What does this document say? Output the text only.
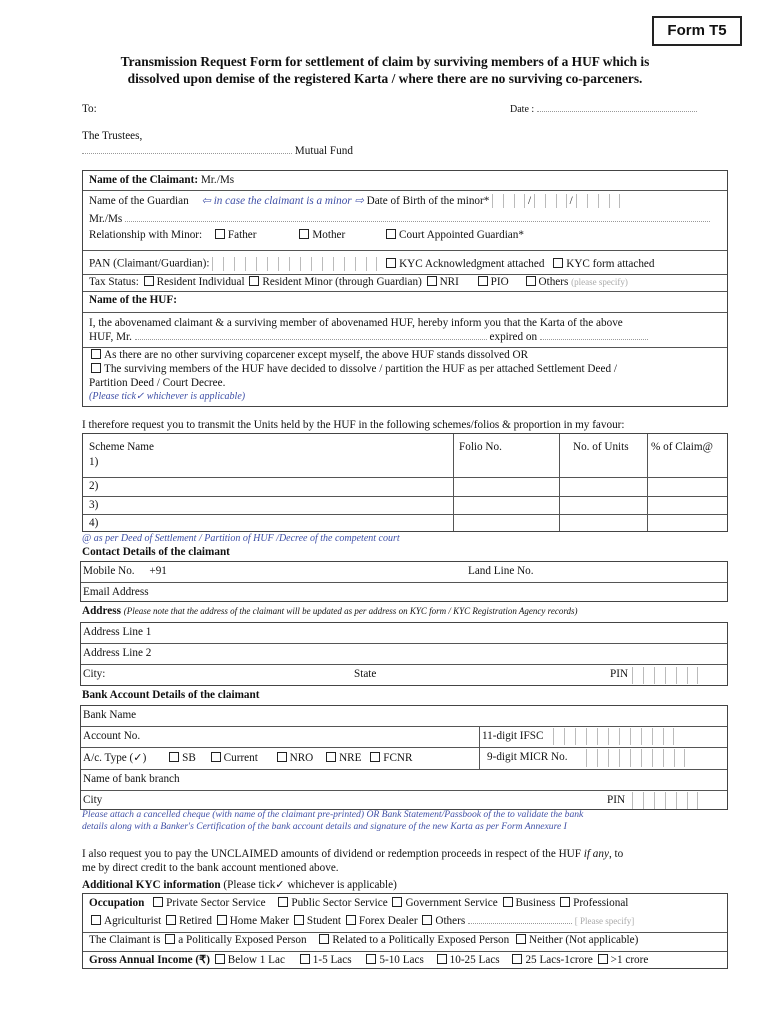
Form T5
Transmission Request Form for settlement of claim by surviving members of a HUF which is
dissolved upon demise of the registered Karta / where there are no surviving co-parceners.
To:	Date :
The Trustees,
Mutual Fund
Name of the Claimant: Mr./Ms
Name of the Guardian ⇦ in case the claimant is a minor ⇨ Date of Birth of the minor*	/	/
Mr./Ms
Relationship with Minor: Father	Mother	Court Appointed Guardian*
PAN (Claimant/Guardian):	KYC Acknowledgment attached KYC form attached
Tax Status: Resident Individual Resident Minor (through Guardian) NRI	PIO	Others (please specify)
Name of the HUF:
I, the abovenamed claimant & a surviving member of abovenamed HUF, hereby inform you that the Karta of the above
HUF, Mr.	expired on
As there are no other surviving coparcener except myself, the above HUF stands dissolved OR
The surviving members of the HUF have decided to dissolve / partition the HUF as per attached Settlement Deed /
Partition Deed / Court Decree.
(Please tick✓ whichever is applicable)
I therefore request you to transmit the Units held by the HUF in the following schemes/folios & proportion in my favour:
Scheme Name	Folio No.	No. of Units % of Claim@
1)
2)
3)
4)
@ as per Deed of Settlement / Partition of HUF /Decree of the competent court
Contact Details of the claimant
Mobile No. +91	Land Line No.
Email Address
Address (Please note that the address of the claimant will be updated as per address on KYC form / KYC Registration Agency records)
Address Line 1
Address Line 2
City:	State	PIN
Bank Account Details of the claimant
Bank Name
Account No.	11-digit IFSC
A/c. Type (✓)	SB Current	NRO NRE FCNR	9-digit MICR No.
Name of bank branch
City	PIN
Please attach a cancelled cheque (with name of the claimant pre-printed) OR Bank Statement/Passbook of the to validate the bank
details along with a Banker's Certification of the bank account details and signature of the new Karta as per Form Annexure I
I also request you to pay the UNCLAIMED amounts of dividend or redemption proceeds in respect of the HUF if any, to
me by direct credit to the bank account mentioned above.
Additional KYC information (Please tick✓ whichever is applicable)
Occupation Private Sector Service Public Sector Service Government Service Business Professional
Agriculturist Retired Home Maker Student Forex Dealer Others	[ Please specify]
The Claimant is a Politically Exposed Person Related to a Politically Exposed Person Neither (Not applicable)
Gross Annual Income (₹) Below 1 Lac 1-5 Lacs 5-10 Lacs 10-25 Lacs 25 Lacs-1crore >1 crore
